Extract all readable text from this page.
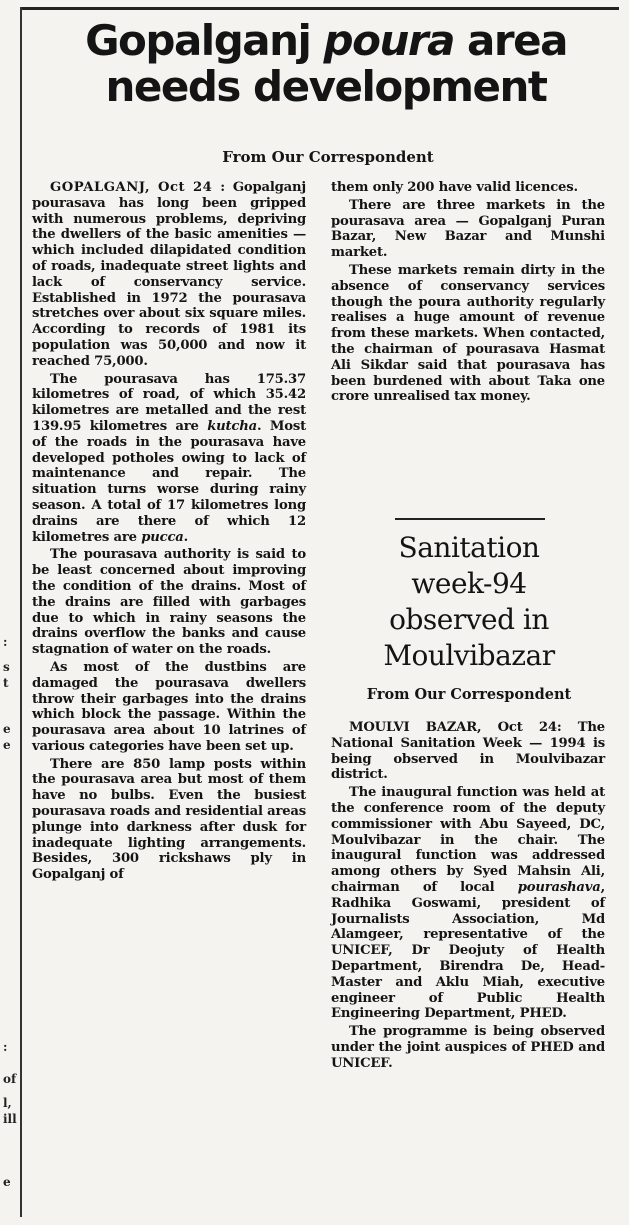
:
s
t
e
e
:
of
l,
ill
e
Gopalganj poura area
needs development
From Our Correspondent

GOPALGANJ, Oct 24 : Gopalganj pourasava has long been gripped with numerous problems, depriving the dwellers of the basic amenities — which included dilapidated condition of roads, inadequate street lights and lack of conservancy service. Established in 1972 the pourasava stretches over about six square miles. According to records of 1981 its population was 50,000 and now it reached 75,000.

The pourasava has 175.37 kilometres of road, of which 35.42 kilometres are metalled and the rest 139.95 kilometres are kutcha. Most of the roads in the pourasava have developed potholes owing to lack of maintenance and repair. The situation turns worse during rainy season. A total of 17 kilometres long drains are there of which 12 kilometres are pucca.

The pourasava authority is said to be least concerned about improving the condition of the drains. Most of the drains are filled with garbages due to which in rainy seasons the drains overflow the banks and cause stagnation of water on the roads.

As most of the dustbins are damaged the pourasava dwellers throw their garbages into the drains which block the passage. Within the pourasava area about 10 latrines of various categories have been set up.

There are 850 lamp posts within the pourasava area but most of them have no bulbs. Even the busiest pourasava roads and residential areas plunge into darkness after dusk for inadequate lighting arrangements. Besides, 300 rickshaws ply in Gopalganj of

them only 200 have valid licences.

There are three markets in the pourasava area — Gopalganj Puran Bazar, New Bazar and Munshi market.

These markets remain dirty in the absence of conservancy services though the poura authority regularly realises a huge amount of revenue from these markets. When contacted, the chairman of pourasava Hasmat Ali Sikdar said that pourasava has been burdened with about Taka one crore unrealised tax money.

Sanitation
week-94
observed in
Moulvibazar
From Our Correspondent

MOULVI BAZAR, Oct 24: The National Sanitation Week — 1994 is being observed in Moulvibazar district.

The inaugural function was held at the conference room of the deputy commissioner with Abu Sayeed, DC, Moulvibazar in the chair. The inaugural function was addressed among others by Syed Mahsin Ali, chairman of local pourashava, Radhika Goswami, president of Journalists Association, Md Alamgeer, representative of the UNICEF, Dr Deojuty of Health Department, Birendra De, Head-Master and Aklu Miah, executive engineer of Public Health Engineering Department, PHED.

The programme is being observed under the joint auspices of PHED and UNICEF.
